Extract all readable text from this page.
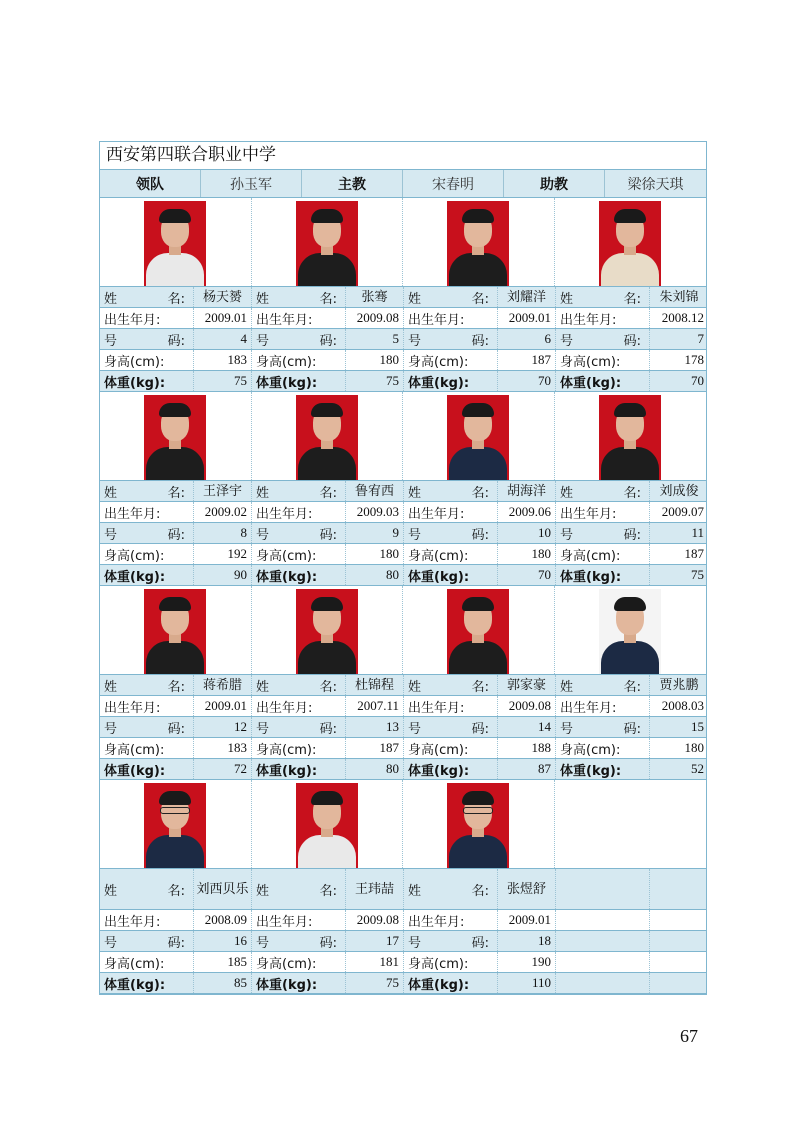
西安第四联合职业中学
领队	孙玉军	主教	宋春明	助教	梁徐天琪
姓	名:	杨天赟	姓	名:	张骞	姓	名:	刘耀洋	姓	名:	朱刘锦
出生年月:	2009.01 出生年月:	2009.08 出生年月:	2009.01 出生年月:	2008.12
号	码:	4 号	码:	5 号	码:	6 号	码:	7
身高(cm):	183 身高(cm):	180 身高(cm):	187 身高(cm):	178
体重(kg):	75 体重(kg):	75 体重(kg):	70 体重(kg):	70
姓	名:	王泽宇	姓	名:	鲁宥西	姓	名:	胡海洋	姓	名:	刘成俊
出生年月:	2009.02 出生年月:	2009.03 出生年月:	2009.06 出生年月:	2009.07
号	码:	8 号	码:	9 号	码:	10 号	码:	11
身高(cm):	192 身高(cm):	180 身高(cm):	180 身高(cm):	187
体重(kg):	90 体重(kg):	80 体重(kg):	70 体重(kg):	75
姓	名:	蒋希腊	姓	名:	杜锦程	姓	名:	郭家豪	姓	名:	贾兆鹏
出生年月:	2009.01 出生年月:	2007.11 出生年月:	2009.08 出生年月:	2008.03
号	码:	12 号	码:	13 号	码:	14 号	码:	15
身高(cm):	183 身高(cm):	187 身高(cm):	188 身高(cm):	180
体重(kg):	72 体重(kg):	80 体重(kg):	87 体重(kg):	52
姓	名: 刘西贝乐 姓	名:	王玮喆	姓	名:	张煜舒
出生年月:	2008.09 出生年月:	2009.08 出生年月:	2009.01
号	码:	16 号	码:	17 号	码:	18
身高(cm):	185 身高(cm):	181 身高(cm):	190
体重(kg):	85 体重(kg):	75 体重(kg):	110
67
